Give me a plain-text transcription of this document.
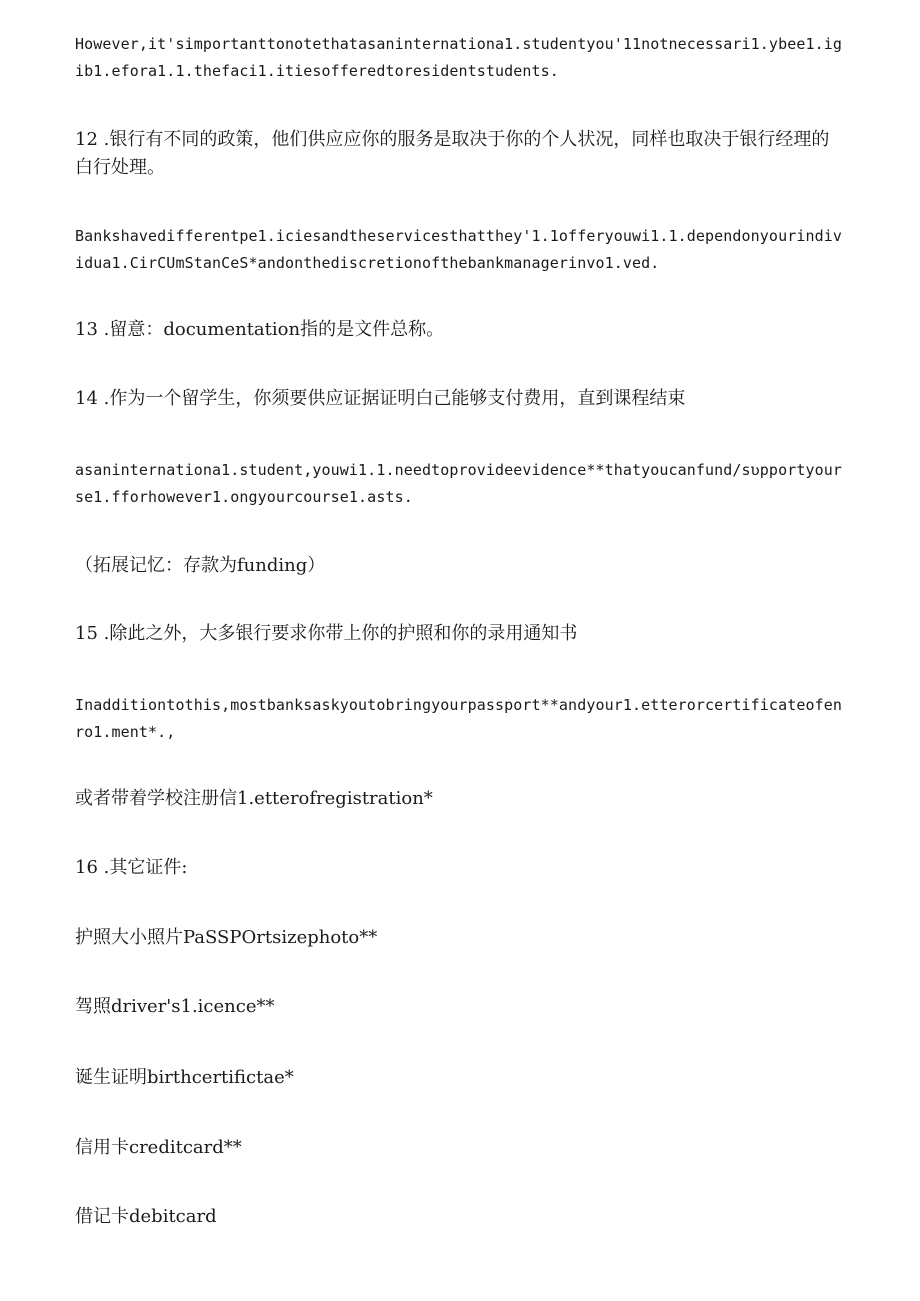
However,it'simportanttonotethatasaninternationa1.studentyou'11notnecessari1.ybee1.igib1.efora1.1.thefaci1.itiesofferedtoresidentstudents.

12 .银行有不同的政策，他们供应应你的服务是取决于你的个人状况，同样也取决于银行经理的白行处理。

Bankshavedifferentpe1.iciesandtheservicesthatthey'1.1offeryouwi1.1.dependonyourindividua1.CirCUmStanCeS*andonthediscretionofthebankmanagerinvo1.ved.

13 .留意：documentation指的是文件总称。

14 .作为一个留学生，你须要供应证据证明白己能够支付费用，直到课程结束

asaninternationa1.student,youwi1.1.needtoprovideevidence**thatyoucanfund/sʋpportyourse1.fforhowever1.ongyourcourse1.asts.

（拓展记忆：存款为funding）

15 .除此之外，大多银行要求你带上你的护照和你的录用通知书

Inadditiontothis,mostbanksaskyoutobringyourpassport**andyour1.etterorcertificateofenro1.ment*.,

或者带着学校注册信1.etterofregistration*

16 .其它证件:

护照大小照片PaSSPOrtsizephoto**

驾照driver's1.icence**

诞生证明birthcertifictae*

信用卡creditcard**

借记卡debitcard
